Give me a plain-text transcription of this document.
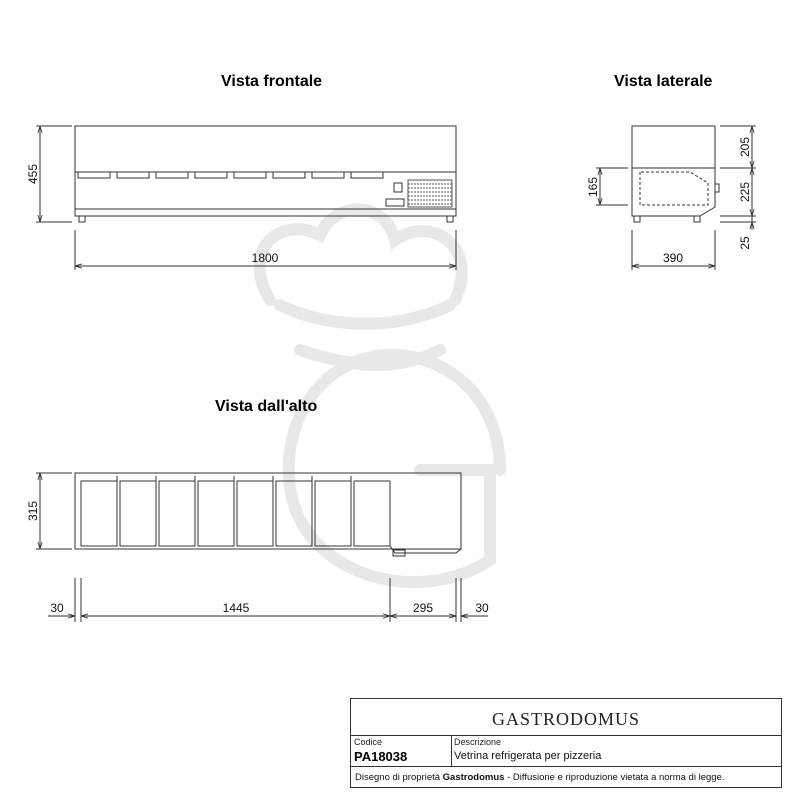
455
1800
205
225
25
165
390
315
30	1445	295	30
Vista frontale	Vista laterale
Vista dall'alto
GASTRODOMUS
Codice
PA18038
Descrizione
Vetrina refrigerata per pizzeria
Disegno di proprietà Gastrodomus - Diffusione e riproduzione vietata a norma di legge.
